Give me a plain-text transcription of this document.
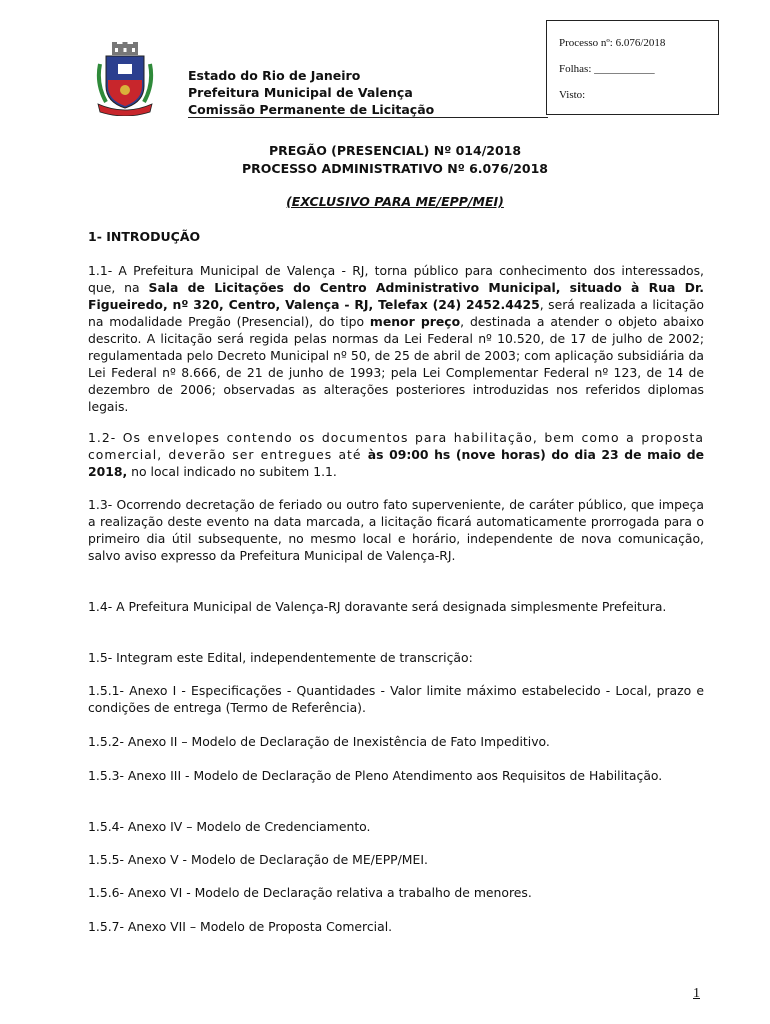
Estado do Rio de Janeiro
Prefeitura Municipal de Valença
Comissão Permanente de Licitação
Processo nº: 6.076/2018
Folhas: ___________
Visto:
PREGÃO (PRESENCIAL) Nº 014/2018
PROCESSO ADMINISTRATIVO Nº 6.076/2018
(EXCLUSIVO PARA ME/EPP/MEI)
1- INTRODUÇÃO
1.1- A Prefeitura Municipal de Valença - RJ, torna público para conhecimento dos interessados, que, na Sala de Licitações do Centro Administrativo Municipal, situado à Rua Dr. Figueiredo, nº 320, Centro, Valença - RJ, Telefax (24) 2452.4425, será realizada a licitação na modalidade Pregão (Presencial), do tipo menor preço, destinada a atender o objeto abaixo descrito. A licitação será regida pelas normas da Lei Federal nº 10.520, de 17 de julho de 2002; regulamentada pelo Decreto Municipal nº 50, de 25 de abril de 2003; com aplicação subsidiária da Lei Federal nº 8.666, de 21 de junho de 1993; pela Lei Complementar Federal nº 123, de 14 de dezembro de 2006; observadas as alterações posteriores introduzidas nos referidos diplomas legais.
1.2- Os envelopes contendo os documentos para habilitação, bem como a proposta comercial, deverão ser entregues até às 09:00 hs (nove horas) do dia 23 de maio de 2018, no local indicado no subitem 1.1.
1.3- Ocorrendo decretação de feriado ou outro fato superveniente, de caráter público, que impeça a realização deste evento na data marcada, a licitação ficará automaticamente prorrogada para o primeiro dia útil subsequente, no mesmo local e horário, independente de nova comunicação, salvo aviso expresso da Prefeitura Municipal de Valença-RJ.
1.4- A Prefeitura Municipal de Valença-RJ doravante será designada simplesmente Prefeitura.
1.5- Integram este Edital, independentemente de transcrição:
1.5.1- Anexo I - Especificações - Quantidades - Valor limite máximo estabelecido - Local, prazo e condições de entrega (Termo de Referência).
1.5.2- Anexo II – Modelo de Declaração de Inexistência de Fato Impeditivo.
1.5.3- Anexo III - Modelo de Declaração de Pleno Atendimento aos Requisitos de Habilitação.
1.5.4- Anexo IV – Modelo de Credenciamento.
1.5.5- Anexo V - Modelo de Declaração de ME/EPP/MEI.
1.5.6- Anexo VI - Modelo de Declaração relativa a trabalho de menores.
1.5.7- Anexo VII – Modelo de Proposta Comercial.
1
